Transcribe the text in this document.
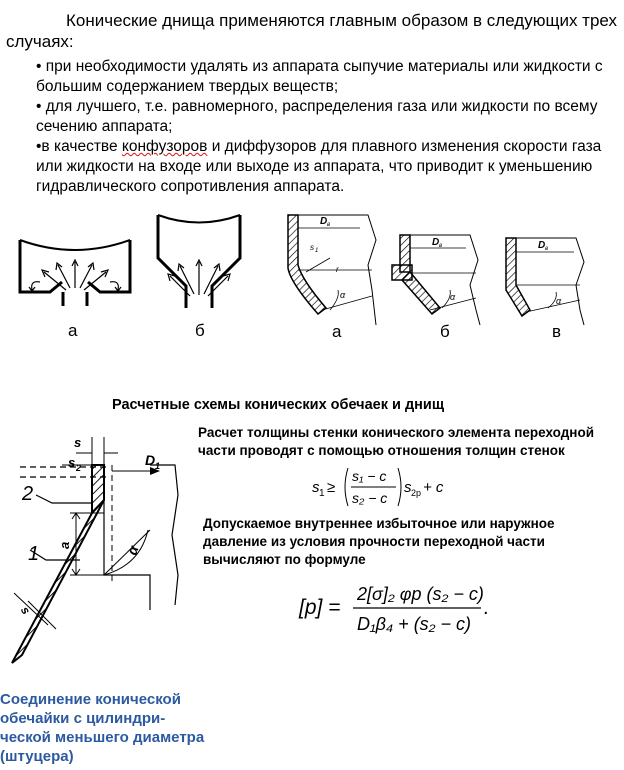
Конические днища применяются главным образом в следующих трех случаях:
• при необходимости удалять из аппарата сыпучие материалы или жидкости с большим содержанием твердых веществ;
• для лучшего, т.е. равномерного, распределения газа или жидкости по всему сечению аппарата;
•в качестве конфузоров и диффузоров для плавного изменения скорости газа или жидкости на входе или выходе из аппарата, что приводит к уменьшению гидравлического сопротивления аппарата.
а	б
D в
s 1
r
α
D в
α
D в
α
а	б	в
Расчетные схемы конических обечаек и днищ
s
s 2	D 1
a	α
2
1
s
Расчет толщины стенки конического элемента переходной части проводят с помощью отношения толщин стенок
s 1 ≥
s₁ − c
s₂ − c
s 2р + c
Допускаемое внутреннее избыточное или наружное давление из условия прочности переходной части вычисляют по формуле
[p] =
2[σ]₂ φр (s₂ − c)
D₁β₄ + (s₂ − c)
.
Соединение конической обечайки с цилиндри-ческой меньшего диаметра (штуцера)
